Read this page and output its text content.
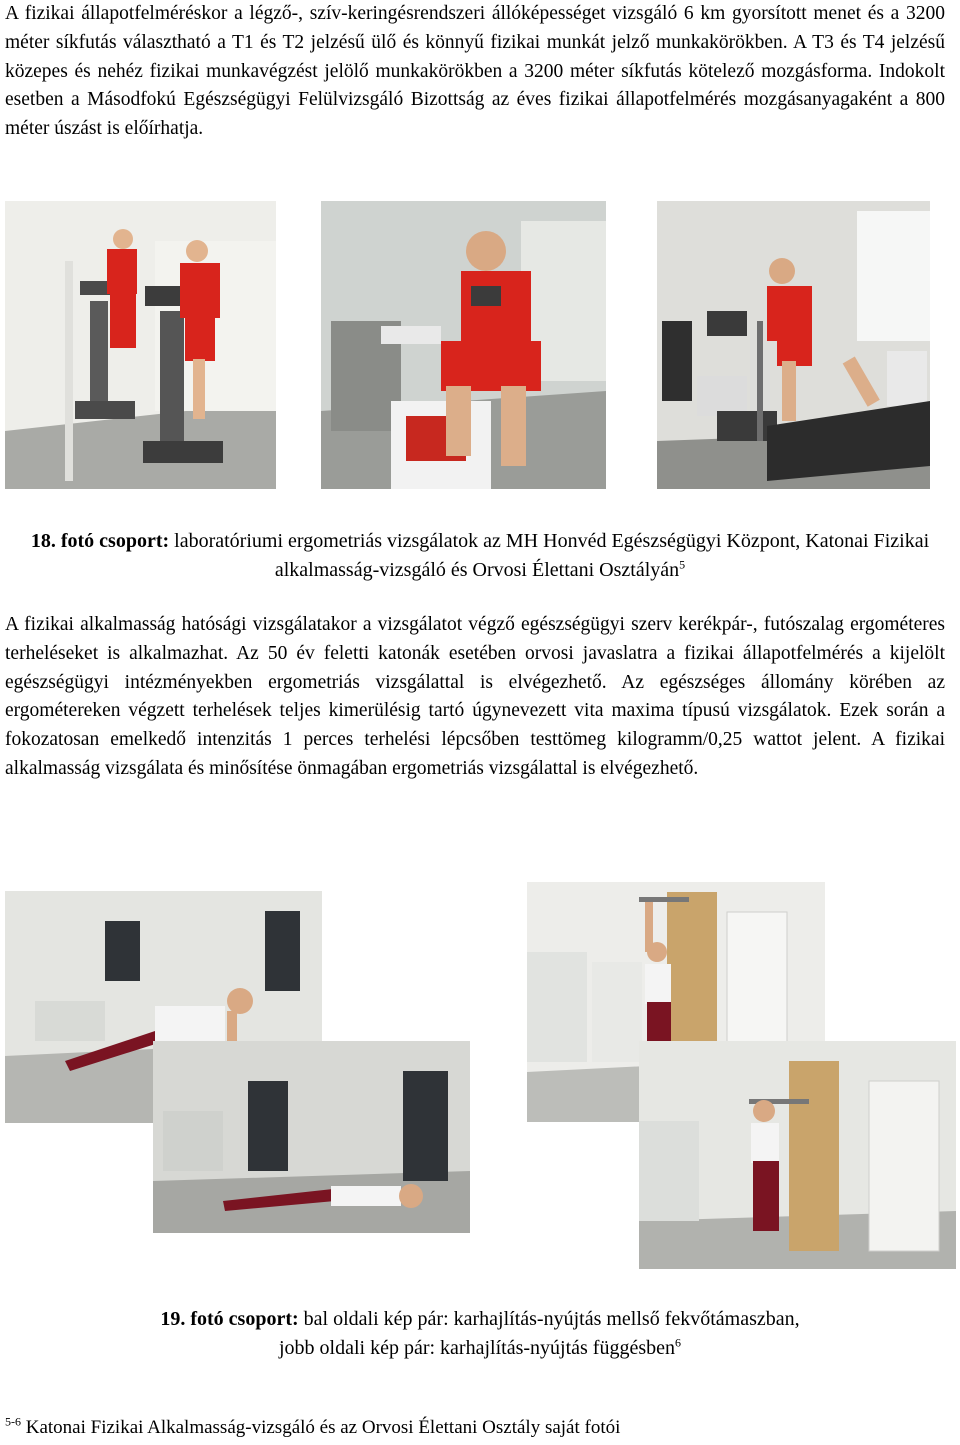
A fizikai állapotfelméréskor a légző-, szív-keringésrendszeri állóképességet vizsgáló 6 km gyorsított menet és a 3200 méter síkfutás választható a T1 és T2 jelzésű ülő és könnyű fizikai munkát jelző munkakörökben. A T3 és T4 jelzésű közepes és nehéz fizikai munkavégzést jelölő munkakörökben a 3200 méter síkfutás kötelező mozgásforma. Indokolt esetben a Másodfokú Egészségügyi Felülvizsgáló Bizottság az éves fizikai állapotfelmérés mozgásanyagaként a 800 méter úszást is előírhatja.

18. fotó csoport: laboratóriumi ergometriás vizsgálatok az MH Honvéd Egészségügyi Központ, Katonai Fizikai alkalmasság-vizsgáló és Orvosi Élettani Osztályán$^5$

A fizikai alkalmasság hatósági vizsgálatakor a vizsgálatot végző egészségügyi szerv kerékpár-, futószalag ergométeres terheléseket is alkalmazhat. Az 50 év feletti katonák esetében orvosi javaslatra a fizikai állapotfelmérés a kijelölt egészségügyi intézményekben ergometriás vizsgálattal is elvégezhető. Az egészséges állomány körében az ergométereken végzett terhelések teljes kimerülésig tartó úgynevezett vita maxima típusú vizsgálatok. Ezek során a fokozatosan emelkedő intenzitás 1 perces terhelési lépcsőben testtömeg kilogramm/0,25 wattot jelent. A fizikai alkalmasság vizsgálata és minősítése önmagában ergometriás vizsgálattal is elvégezhető.

19. fotó csoport: bal oldali kép pár: karhajlítás-nyújtás mellső fekvőtámaszban,
jobb oldali kép pár: karhajlítás-nyújtás függésben$^6$

$^{5-6}$ Katonai Fizikai Alkalmasság-vizsgáló és az Orvosi Élettani Osztály saját fotói
